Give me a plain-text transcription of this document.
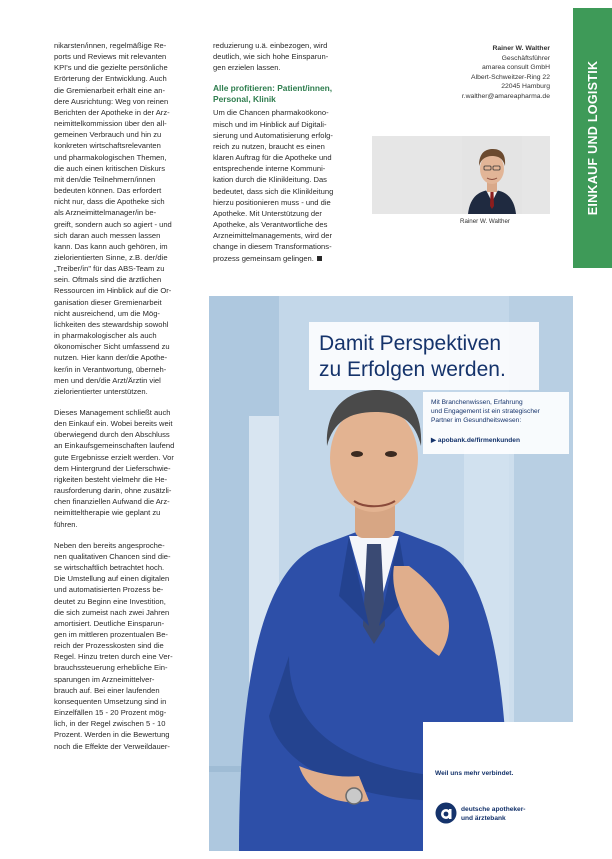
EINKAUF UND LOGISTIK

nikarsten/innen, regelmäßige Re-
ports und Reviews mit relevanten
KPI's und die gezielte persönliche
Erörterung der Entwicklung. Auch
die Gremienarbeit erhält eine an-
dere Ausrichtung: Weg von reinen
Berichten der Apotheke in der Arz-
neimittelkommission über den all-
gemeinen Verbrauch und hin zu
konkreten wirtschaftsrelevanten
und pharmakologischen Themen,
die auch einen kritischen Diskurs
mit den/die Teilnehmern/innen
bedeuten können. Das erfordert
nicht nur, dass die Apotheke sich
als Arzneimittelmanager/in be-
greift, sondern auch so agiert - und
sich daran auch messen lassen
kann. Das kann auch gehören, im
zielorientierten Sinne, z.B. der/die
„Treiber/in" für das ABS-Team zu
sein. Oftmals sind die ärztlichen
Ressourcen im Hinblick auf die Or-
ganisation dieser Gremienarbeit
nicht ausreichend, um die Mög-
lichkeiten des stewardship sowohl
in pharmakologischer als auch
ökonomischer Sicht umfassend zu
nutzen. Hier kann der/die Apothe-
ker/in in Verantwortung, überneh-
men und den/die Arzt/Ärztin viel
zielorientierter unterstützen.

Dieses Management schließt auch
den Einkauf ein. Wobei bereits weit
überwiegend durch den Abschluss
an Einkaufsgemeinschaften laufend
gute Ergebnisse erzielt werden. Vor
dem Hintergrund der Lieferschwie-
rigkeiten besteht vielmehr die He-
rausforderung darin, ohne zusätzli-
chen finanziellen Aufwand die Arz-
neimitteltherapie wie geplant zu
führen.

Neben den bereits angesproche-
nen qualitativen Chancen sind die-
se wirtschaftlich betrachtet hoch.
Die Umstellung auf einen digitalen
und automatisierten Prozess be-
deutet zu Beginn eine Investition,
die sich zumeist nach zwei Jahren
amortisiert. Deutliche Einsparun-
gen im mittleren prozentualen Be-
reich der Prozesskosten sind die
Regel. Hinzu treten durch eine Ver-
brauchssteuerung erhebliche Ein-
sparungen im Arzneimittelver-
brauch auf. Bei einer laufenden
konsequenten Umsetzung sind in
Einzelfällen 15 - 20 Prozent mög-
lich, in der Regel zwischen 5 - 10
Prozent. Werden in die Bewertung
noch die Effekte der Verweildauer-

reduzierung u.ä. einbezogen, wird
deutlich, wie sich hohe Einsparun-
gen erzielen lassen.

Alle profitieren: Patient/innen,
Personal, Klinik

Um die Chancen pharmakoökono-
misch und im Hinblick auf Digitali-
sierung und Automatisierung erfolg-
reich zu nutzen, braucht es einen
klaren Auftrag für die Apotheke und
entsprechende interne Kommuni-
kation durch die Klinikleitung. Das
bedeutet, dass sich die Klinikleitung
hierzu positionieren muss - und die
Apotheke. Mit Unterstützung der
Apotheke, als Verantwortliche des
Arzneimittelmanagements, wird der
change in diesem Transformations-
prozess gemeinsam gelingen.

Rainer W. Walther
Geschäftsführer
amarea consult GmbH
Albert-Schweitzer-Ring 22
22045 Hamburg
r.walther@amareapharma.de
Rainer W. Walther
Damit Perspektiven
zu Erfolgen werden.
Mit Branchenwissen, Erfahrung
und Engagement ist ein strategischer
Partner im Gesundheitswesen:
▶ apobank.de/firmenkunden
Weil uns mehr verbindet.
deutsche apotheker-
und ärztebank
